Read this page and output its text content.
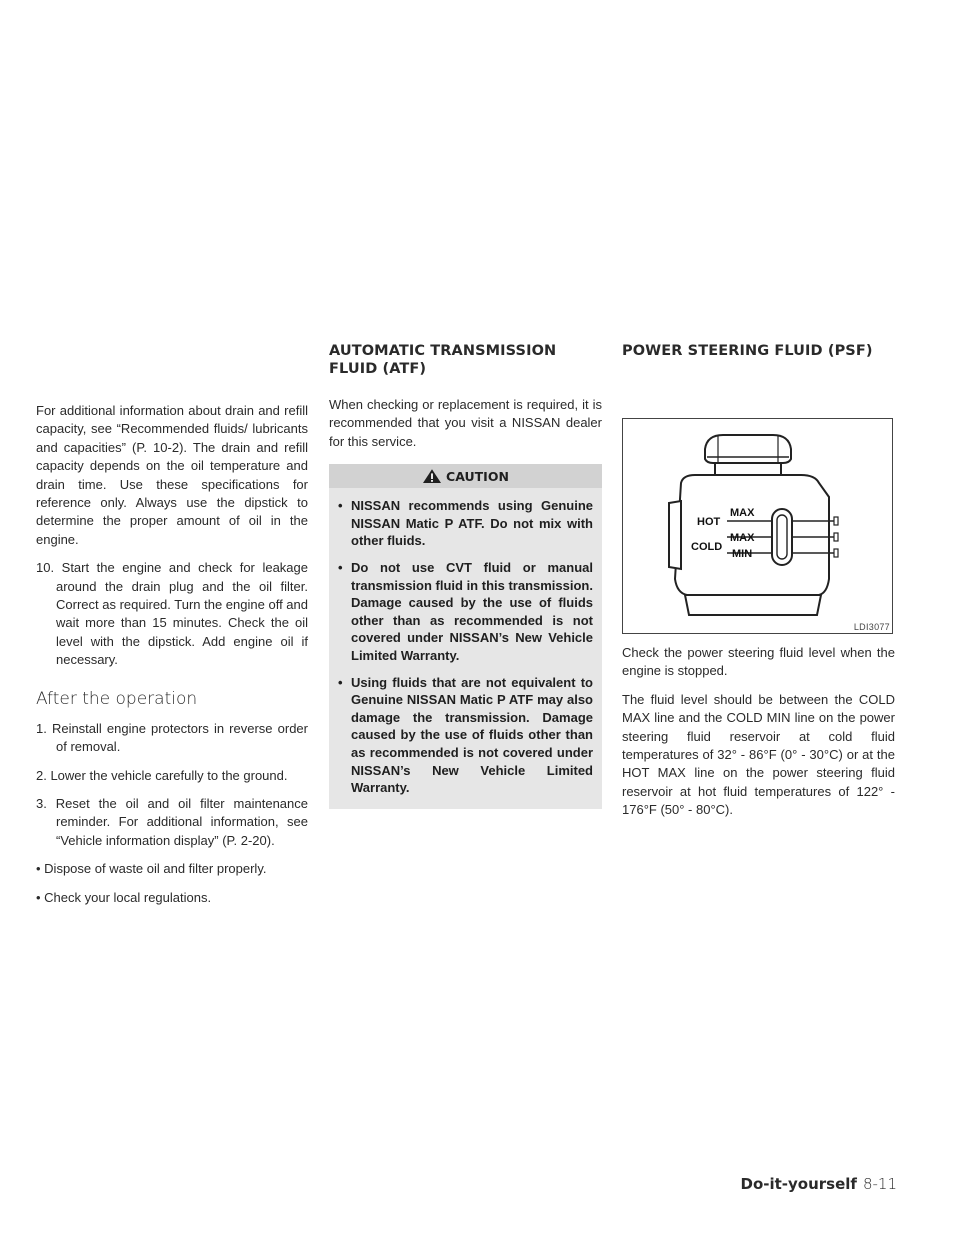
For additional information about drain and refill capacity, see “Recommended fluids/ lubricants and capacities” (P. 10-2). The drain and refill capacity depends on the oil temperature and drain time. Use these specifications for reference only. Always use the dipstick to determine the proper amount of oil in the engine.

10. Start the engine and check for leakage around the drain plug and the oil filter. Correct as required. Turn the engine off and wait more than 15 minutes. Check the oil level with the dipstick. Add engine oil if necessary.
After the operation
1. Reinstall engine protectors in reverse order of removal.
2. Lower the vehicle carefully to the ground.
3. Reset the oil and oil filter maintenance reminder. For additional information, see “Vehicle information display” (P. 2-20).
• Dispose of waste oil and filter properly.
• Check your local regulations.
AUTOMATIC TRANSMISSION FLUID (ATF)

When checking or replacement is required, it is recommended that you visit a NISSAN dealer for this service.

CAUTION
• NISSAN recommends using Genuine NISSAN Matic P ATF. Do not mix with other fluids.
• Do not use CVT fluid or manual transmission fluid in this transmission. Damage caused by the use of fluids other than as recommended is not covered under NISSAN’s New Vehicle Limited Warranty.
• Using fluids that are not equivalent to Genuine NISSAN Matic P ATF may also damage the transmission. Damage caused by the use of fluids other than as recommended is not covered under NISSAN’s New Vehicle Limited Warranty.
POWER STEERING FLUID (PSF)
HOT
MAX
COLD
MAX
MIN
LDI3077

Check the power steering fluid level when the engine is stopped.

The fluid level should be between the COLD MAX line and the COLD MIN line on the power steering fluid reservoir at cold fluid temperatures of 32° - 86°F (0° - 30°C) or at the HOT MAX line on the power steering fluid reservoir at hot fluid temperatures of 122° - 176°F (50° - 80°C).

Do-it-yourself 8-11
